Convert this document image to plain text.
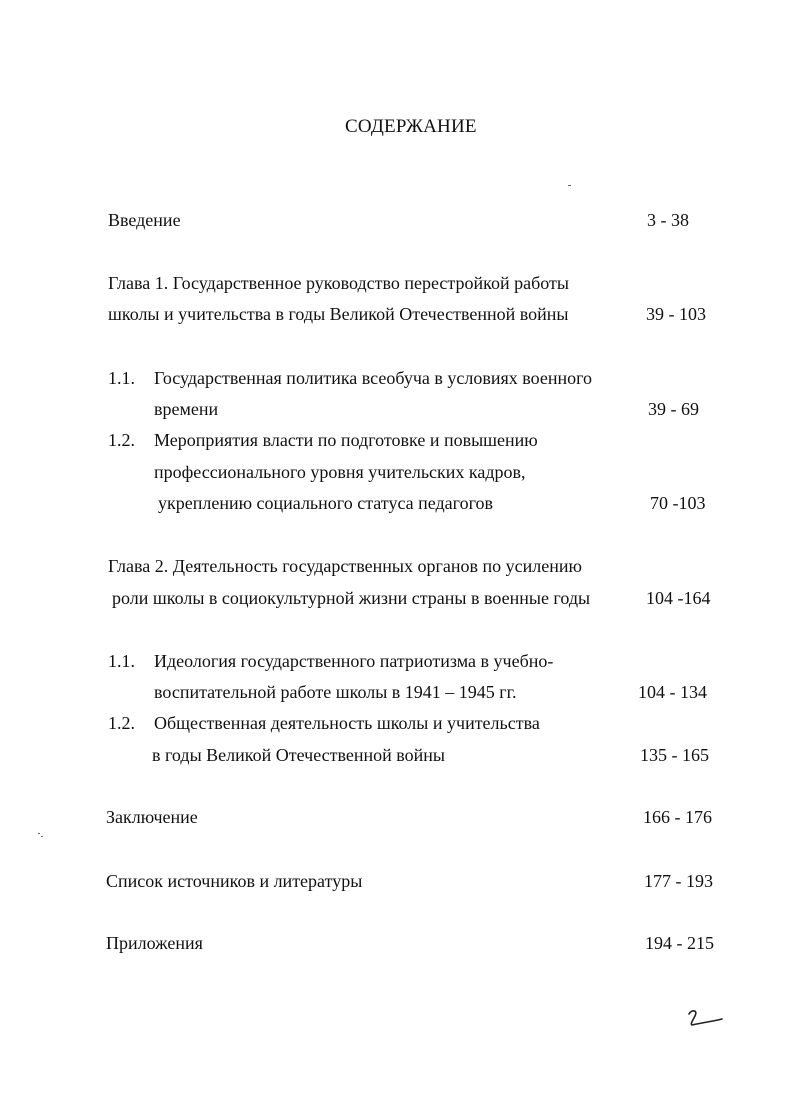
СОДЕРЖАНИЕ
Введение	3 - 38
Глава 1. Государственное руководство перестройкой работы
школы и учительства в годы Великой Отечественной войны	39 - 103
1.1. Государственная политика всеобуча в условиях военного
времени	39 - 69
1.2. Мероприятия власти по подготовке и повышению
профессионального уровня учительских кадров,
укреплению социального статуса педагогов	70 -103
Глава 2. Деятельность государственных органов по усилению
роли школы в социокультурной жизни страны в военные годы	104 -164
1.1. Идеология государственного патриотизма в учебно-
воспитательной работе школы в 1941 – 1945 гг.	104 - 134
1.2. Общественная деятельность школы и учительства
в годы Великой Отечественной войны	135 - 165
Заключение	166 - 176
Список источников и литературы	177 - 193
Приложения	194 - 215
